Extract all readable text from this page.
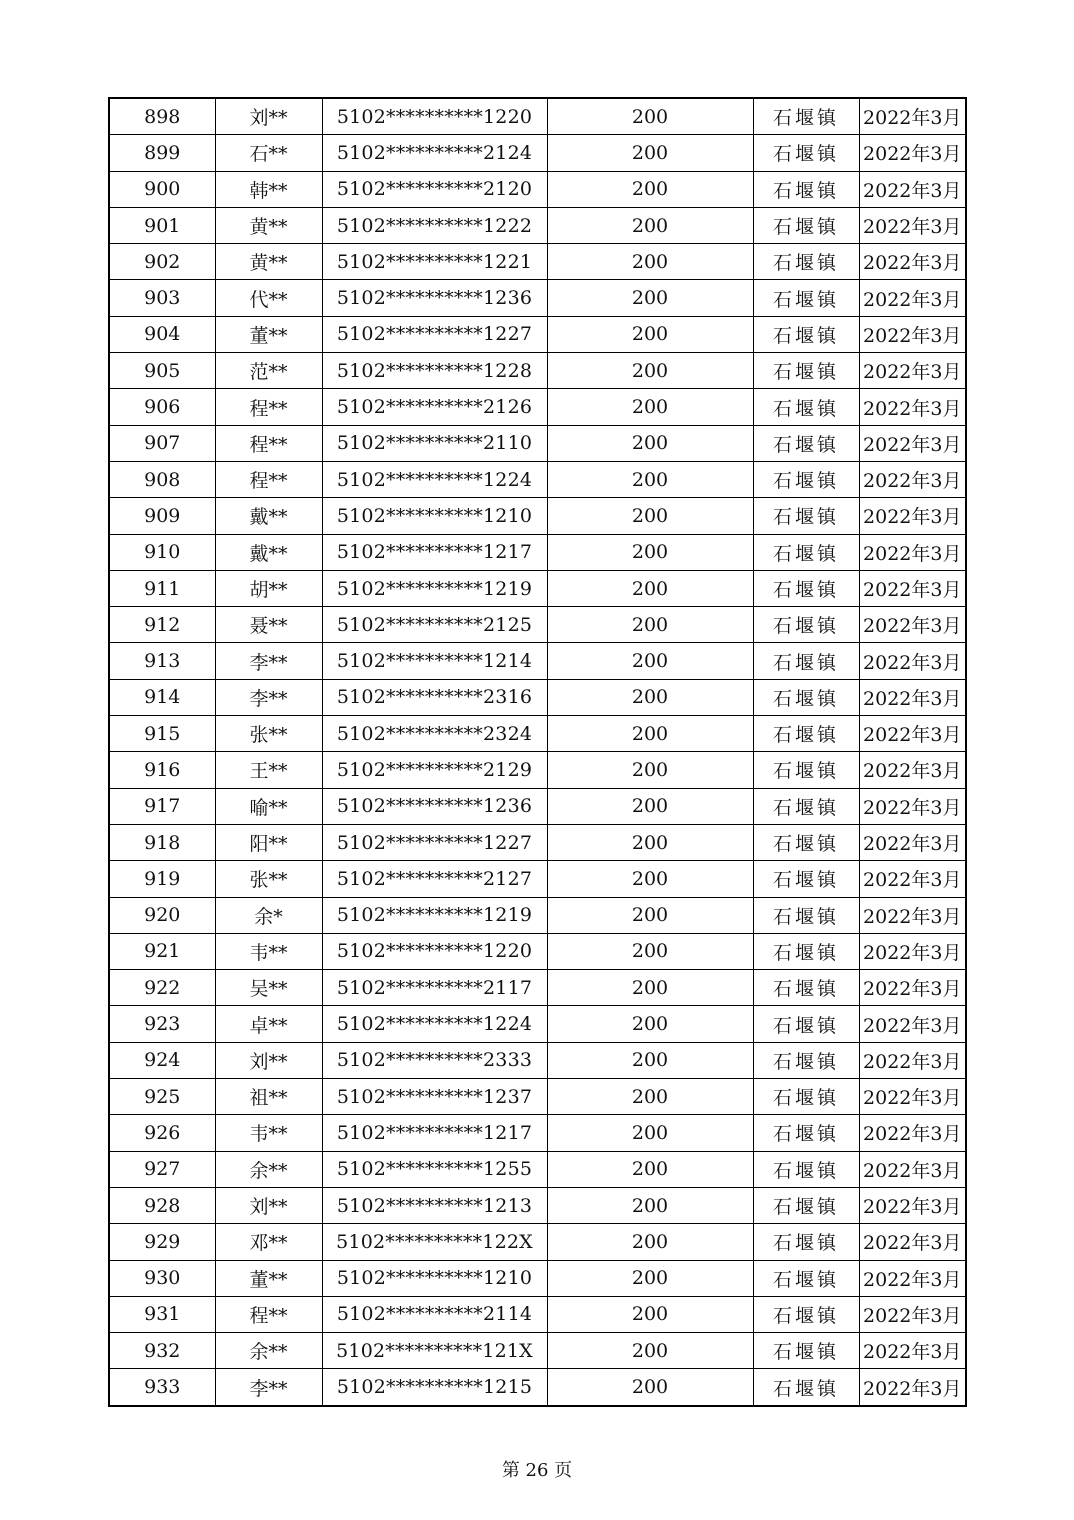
898	刘**	5102**********1220	200	石堰镇	2022年3月
899	石**	5102**********2124	200	石堰镇	2022年3月
900	韩**	5102**********2120	200	石堰镇	2022年3月
901	黄**	5102**********1222	200	石堰镇	2022年3月
902	黄**	5102**********1221	200	石堰镇	2022年3月
903	代**	5102**********1236	200	石堰镇	2022年3月
904	董**	5102**********1227	200	石堰镇	2022年3月
905	范**	5102**********1228	200	石堰镇	2022年3月
906	程**	5102**********2126	200	石堰镇	2022年3月
907	程**	5102**********2110	200	石堰镇	2022年3月
908	程**	5102**********1224	200	石堰镇	2022年3月
909	戴**	5102**********1210	200	石堰镇	2022年3月
910	戴**	5102**********1217	200	石堰镇	2022年3月
911	胡**	5102**********1219	200	石堰镇	2022年3月
912	聂**	5102**********2125	200	石堰镇	2022年3月
913	李**	5102**********1214	200	石堰镇	2022年3月
914	李**	5102**********2316	200	石堰镇	2022年3月
915	张**	5102**********2324	200	石堰镇	2022年3月
916	王**	5102**********2129	200	石堰镇	2022年3月
917	喻**	5102**********1236	200	石堰镇	2022年3月
918	阳**	5102**********1227	200	石堰镇	2022年3月
919	张**	5102**********2127	200	石堰镇	2022年3月
920	余*	5102**********1219	200	石堰镇	2022年3月
921	韦**	5102**********1220	200	石堰镇	2022年3月
922	吴**	5102**********2117	200	石堰镇	2022年3月
923	卓**	5102**********1224	200	石堰镇	2022年3月
924	刘**	5102**********2333	200	石堰镇	2022年3月
925	祖**	5102**********1237	200	石堰镇	2022年3月
926	韦**	5102**********1217	200	石堰镇	2022年3月
927	余**	5102**********1255	200	石堰镇	2022年3月
928	刘**	5102**********1213	200	石堰镇	2022年3月
929	邓**	5102**********122X	200	石堰镇	2022年3月
930	董**	5102**********1210	200	石堰镇	2022年3月
931	程**	5102**********2114	200	石堰镇	2022年3月
932	余**	5102**********121X	200	石堰镇	2022年3月
933	李**	5102**********1215	200	石堰镇	2022年3月
第 26 页
